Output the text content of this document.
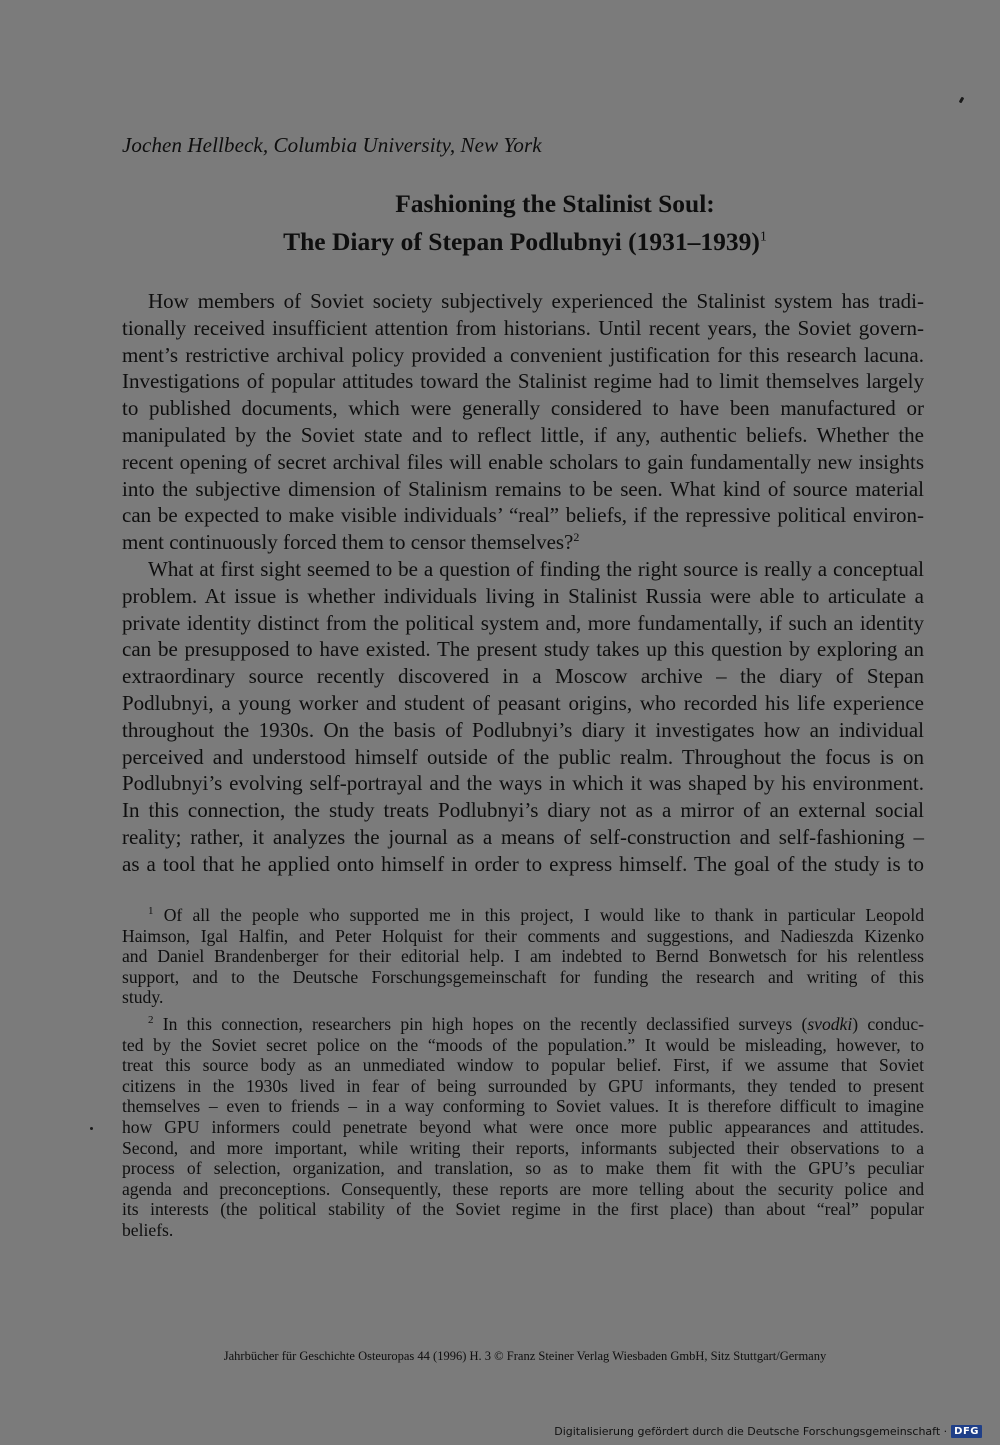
Jochen Hellbeck, Columbia University, New York
Fashioning the Stalinist Soul:
The Diary of Stepan Podlubnyi (1931–1939)$^1$
How members of Soviet society subjectively experienced the Stalinist system has tradi-
tionally received insufficient attention from historians. Until recent years, the Soviet govern-
ment’s restrictive archival policy provided a convenient justification for this research lacuna.
Investigations of popular attitudes toward the Stalinist regime had to limit themselves largely
to published documents, which were generally considered to have been manufactured or
manipulated by the Soviet state and to reflect little, if any, authentic beliefs. Whether the
recent opening of secret archival files will enable scholars to gain fundamentally new insights
into the subjective dimension of Stalinism remains to be seen. What kind of source material
can be expected to make visible individuals’ “real” beliefs, if the repressive political environ-
ment continuously forced them to censor themselves?$^2$
What at first sight seemed to be a question of finding the right source is really a conceptual
problem. At issue is whether individuals living in Stalinist Russia were able to articulate a
private identity distinct from the political system and, more fundamentally, if such an identity
can be presupposed to have existed. The present study takes up this question by exploring an
extraordinary source recently discovered in a Moscow archive – the diary of Stepan
Podlubnyi, a young worker and student of peasant origins, who recorded his life experience
throughout the 1930s. On the basis of Podlubnyi’s diary it investigates how an individual
perceived and understood himself outside of the public realm. Throughout the focus is on
Podlubnyi’s evolving self-portrayal and the ways in which it was shaped by his environment.
In this connection, the study treats Podlubnyi’s diary not as a mirror of an external social
reality; rather, it analyzes the journal as a means of self-construction and self-fashioning –
as a tool that he applied onto himself in order to express himself. The goal of the study is to
$^1$ Of all the people who supported me in this project, I would like to thank in particular Leopold
Haimson, Igal Halfin, and Peter Holquist for their comments and suggestions, and Nadieszda Kizenko
and Daniel Brandenberger for their editorial help. I am indebted to Bernd Bonwetsch for his relentless
support, and to the Deutsche Forschungsgemeinschaft for funding the research and writing of this
study.
$^2$ In this connection, researchers pin high hopes on the recently declassified surveys (svodki) conduc-
ted by the Soviet secret police on the “moods of the population.” It would be misleading, however, to
treat this source body as an unmediated window to popular belief. First, if we assume that Soviet
citizens in the 1930s lived in fear of being surrounded by GPU informants, they tended to present
themselves – even to friends – in a way conforming to Soviet values. It is therefore difficult to imagine
how GPU informers could penetrate beyond what were once more public appearances and attitudes.
Second, and more important, while writing their reports, informants subjected their observations to a
process of selection, organization, and translation, so as to make them fit with the GPU’s peculiar
agenda and preconceptions. Consequently, these reports are more telling about the security police and
its interests (the political stability of the Soviet regime in the first place) than about “real” popular
beliefs.
Jahrbücher für Geschichte Osteuropas 44 (1996) H. 3 © Franz Steiner Verlag Wiesbaden GmbH, Sitz Stuttgart/Germany
Digitalisierung gefördert durch die Deutsche Forschungsgemeinschaft · DFG
